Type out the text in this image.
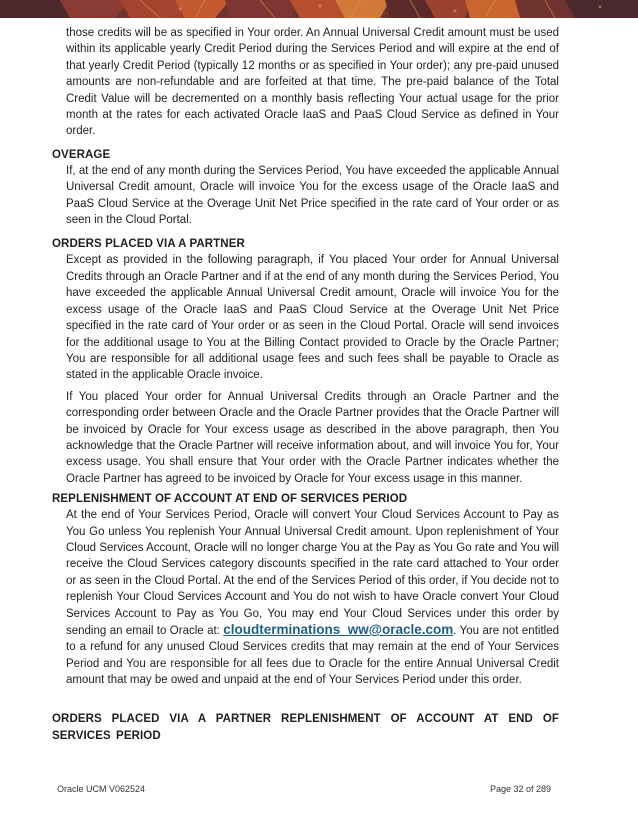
those credits will be as specified in Your order. An Annual Universal Credit amount must be used within its applicable yearly Credit Period during the Services Period and will expire at the end of that yearly Credit Period (typically 12 months or as specified in Your order); any pre-paid unused amounts are non-refundable and are forfeited at that time. The pre-paid balance of the Total Credit Value will be decremented on a monthly basis reflecting Your actual usage for the prior month at the rates for each activated Oracle IaaS and PaaS Cloud Service as defined in Your order.

OVERAGE

If, at the end of any month during the Services Period, You have exceeded the applicable Annual Universal Credit amount, Oracle will invoice You for the excess usage of the Oracle IaaS and PaaS Cloud Service at the Overage Unit Net Price specified in the rate card of Your order or as seen in the Cloud Portal.

ORDERS PLACED VIA A PARTNER

Except as provided in the following paragraph, if You placed Your order for Annual Universal Credits through an Oracle Partner and if at the end of any month during the Services Period, You have exceeded the applicable Annual Universal Credit amount, Oracle will invoice You for the excess usage of the Oracle IaaS and PaaS Cloud Service at the Overage Unit Net Price specified in the rate card of Your order or as seen in the Cloud Portal. Oracle will send invoices for the additional usage to You at the Billing Contact provided to Oracle by the Oracle Partner; You are responsible for all additional usage fees and such fees shall be payable to Oracle as stated in the applicable Oracle invoice.

If You placed Your order for Annual Universal Credits through an Oracle Partner and the corresponding order between Oracle and the Oracle Partner provides that the Oracle Partner will be invoiced by Oracle for Your excess usage as described in the above paragraph, then You acknowledge that the Oracle Partner will receive information about, and will invoice You for, Your excess usage. You shall ensure that Your order with the Oracle Partner indicates whether the Oracle Partner has agreed to be invoiced by Oracle for Your excess usage in this manner.

REPLENISHMENT OF ACCOUNT AT END OF SERVICES PERIOD

At the end of Your Services Period, Oracle will convert Your Cloud Services Account to Pay as You Go unless You replenish Your Annual Universal Credit amount. Upon replenishment of Your Cloud Services Account, Oracle will no longer charge You at the Pay as You Go rate and You will receive the Cloud Services category discounts specified in the rate card attached to Your order or as seen in the Cloud Portal. At the end of the Services Period of this order, if You decide not to replenish Your Cloud Services Account and You do not wish to have Oracle convert Your Cloud Services Account to Pay as You Go, You may end Your Cloud Services under this order by sending an email to Oracle at: cloudterminations_ww@oracle.com. You are not entitled to a refund for any unused Cloud Services credits that may remain at the end of Your Services Period and You are responsible for all fees due to Oracle for the entire Annual Universal Credit amount that may be owed and unpaid at the end of Your Services Period under this order.

ORDERS PLACED VIA A PARTNER REPLENISHMENT OF ACCOUNT AT END OF SERVICES PERIOD
Oracle UCM V062524	Page 32 of 289
